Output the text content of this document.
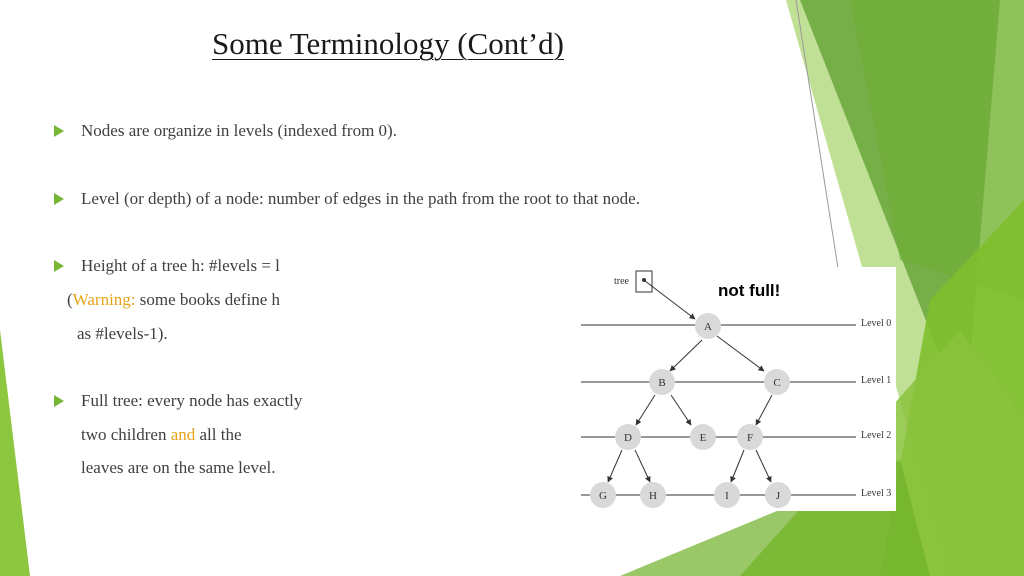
Some Terminology (Cont’d)
Nodes are organize in levels (indexed from 0).
Level (or depth) of a node: number of edges in the path from the root to that node.
Height of a tree h: #levels = l
(Warning: some books define h
as #levels-1).
Full tree: every node has exactly
two children and all the
leaves are on the same level.
Level 0
Level 1
Level 2
Level 3
tree
A
B	C
D	E	F
G	H	I	J
not full!
